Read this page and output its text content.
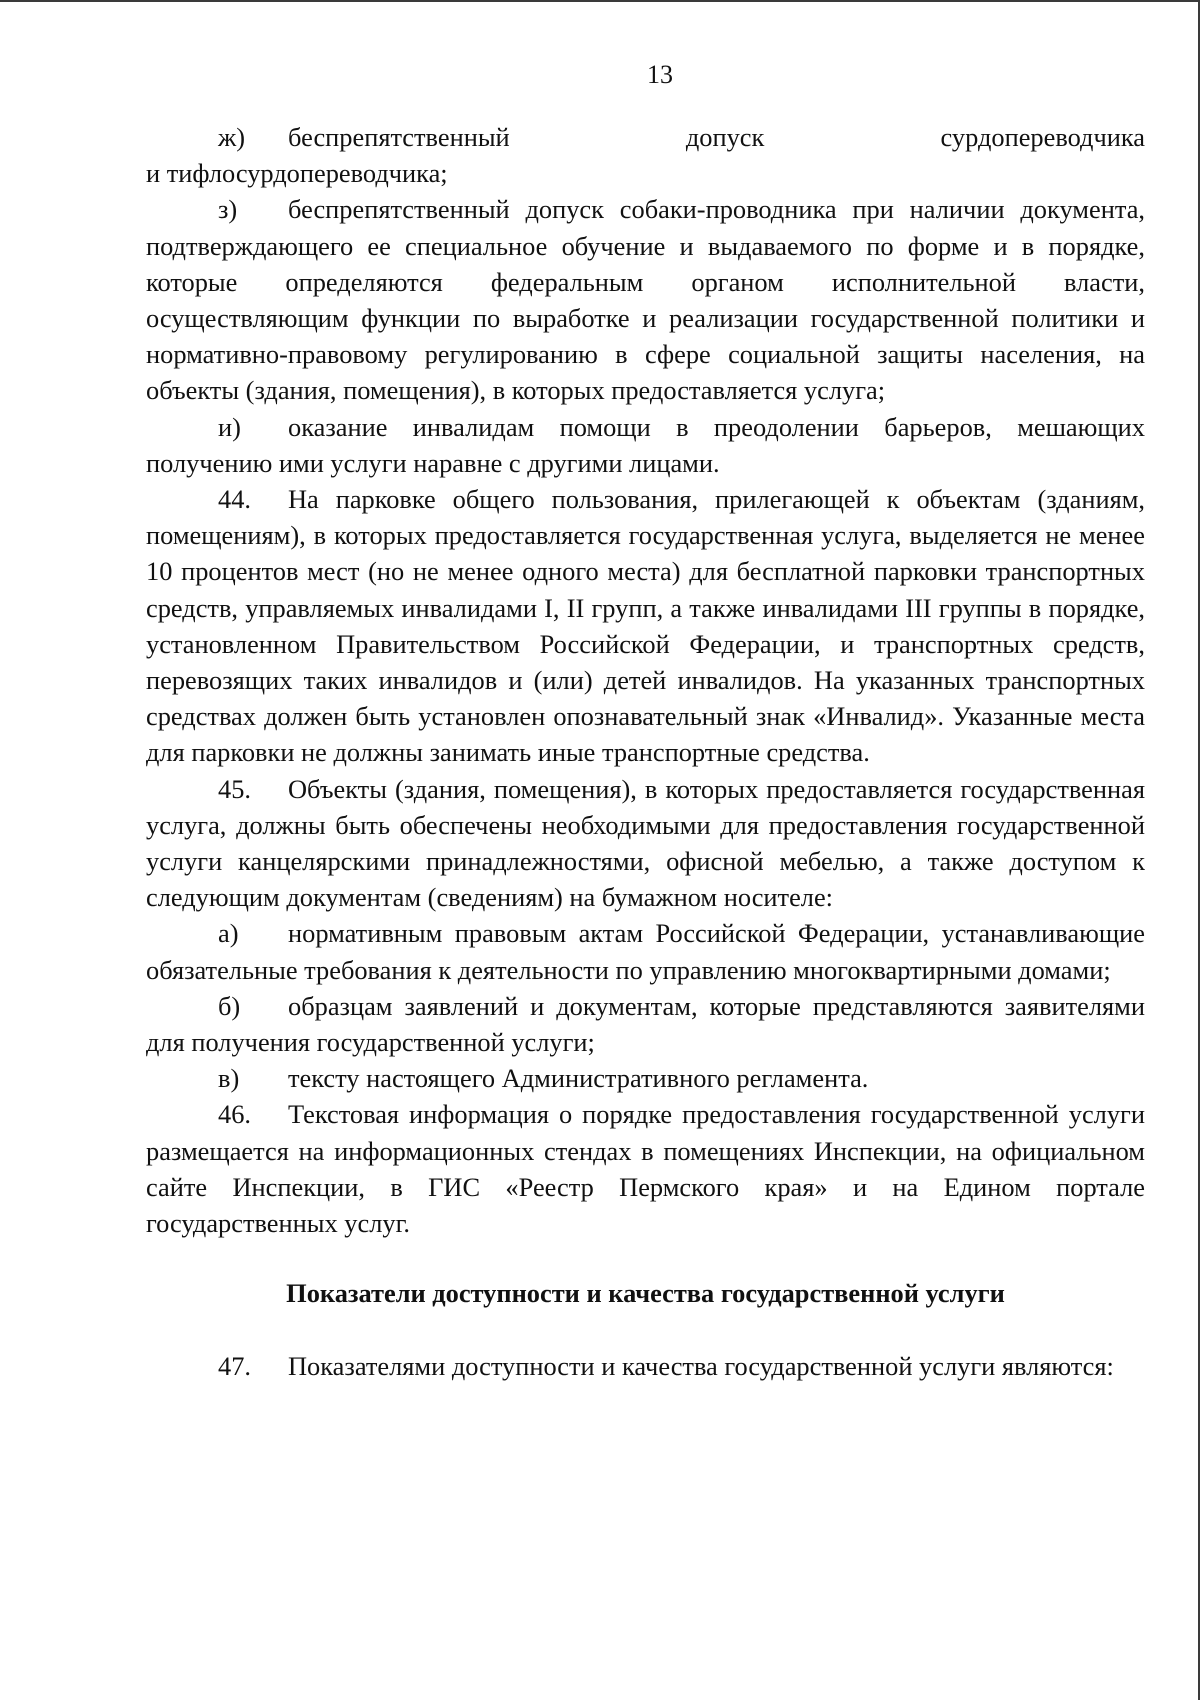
13

ж) беспрепятственный допуск сурдопереводчика

и тифлосурдопереводчика;

з) беспрепятственный допуск собаки-проводника при наличии документа, подтверждающего ее специальное обучение и выдаваемого по форме и в порядке, которые определяются федеральным органом исполнительной власти, осуществляющим функции по выработке и реализации государственной политики и нормативно-правовому регулированию в сфере социальной защиты населения, на объекты (здания, помещения), в которых предоставляется услуга;

и) оказание инвалидам помощи в преодолении барьеров, мешающих получению ими услуги наравне с другими лицами.

44. На парковке общего пользования, прилегающей к объектам (зданиям, помещениям), в которых предоставляется государственная услуга, выделяется не менее 10 процентов мест (но не менее одного места) для бесплатной парковки транспортных средств, управляемых инвалидами I, II групп, а также инвалидами III группы в порядке, установленном Правительством Российской Федерации, и транспортных средств, перевозящих таких инвалидов и (или) детей инвалидов. На указанных транспортных средствах должен быть установлен опознавательный знак «Инвалид». Указанные места для парковки не должны занимать иные транспортные средства.

45. Объекты (здания, помещения), в которых предоставляется государственная услуга, должны быть обеспечены необходимыми для предоставления государственной услуги канцелярскими принадлежностями, офисной мебелью, а также доступом к следующим документам (сведениям) на бумажном носителе:

а) нормативным правовым актам Российской Федерации, устанавливающие обязательные требования к деятельности по управлению многоквартирными домами;

б) образцам заявлений и документам, которые представляются заявителями для получения государственной услуги;

в) тексту настоящего Административного регламента.

46. Текстовая информация о порядке предоставления государственной услуги размещается на информационных стендах в помещениях Инспекции, на официальном сайте Инспекции, в ГИС «Реестр Пермского края» и на Едином портале государственных услуг.

Показатели доступности и качества государственной услуги

47. Показателями доступности и качества государственной услуги являются:
